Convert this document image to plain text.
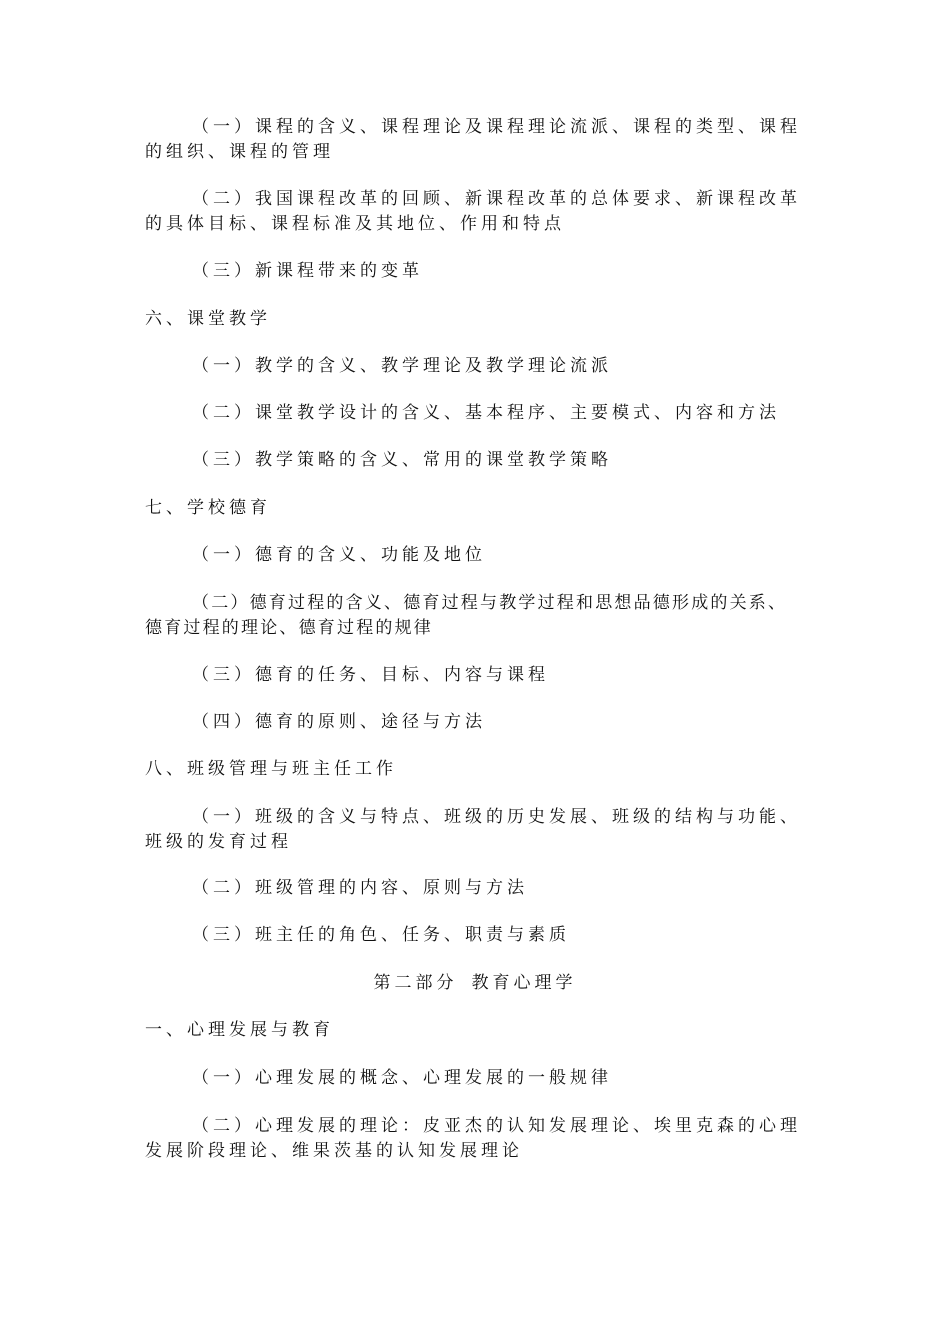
（一）课程的含义、课程理论及课程理论流派、课程的类型、课程的组织、课程的管理
（二）我国课程改革的回顾、新课程改革的总体要求、新课程改革的具体目标、课程标准及其地位、作用和特点
（三）新课程带来的变革
六、课堂教学
（一）教学的含义、教学理论及教学理论流派
（二）课堂教学设计的含义、基本程序、主要模式、内容和方法
（三）教学策略的含义、常用的课堂教学策略
七、学校德育
（一）德育的含义、功能及地位
（二）德育过程的含义、德育过程与教学过程和思想品德形成的关系、德育过程的理论、德育过程的规律
（三）德育的任务、目标、内容与课程
（四）德育的原则、途径与方法
八、班级管理与班主任工作
（一）班级的含义与特点、班级的历史发展、班级的结构与功能、班级的发育过程
（二）班级管理的内容、原则与方法
（三）班主任的角色、任务、职责与素质
第二部分 教育心理学
一、心理发展与教育
（一）心理发展的概念、心理发展的一般规律
（二）心理发展的理论：皮亚杰的认知发展理论、埃里克森的心理发展阶段理论、维果茨基的认知发展理论
